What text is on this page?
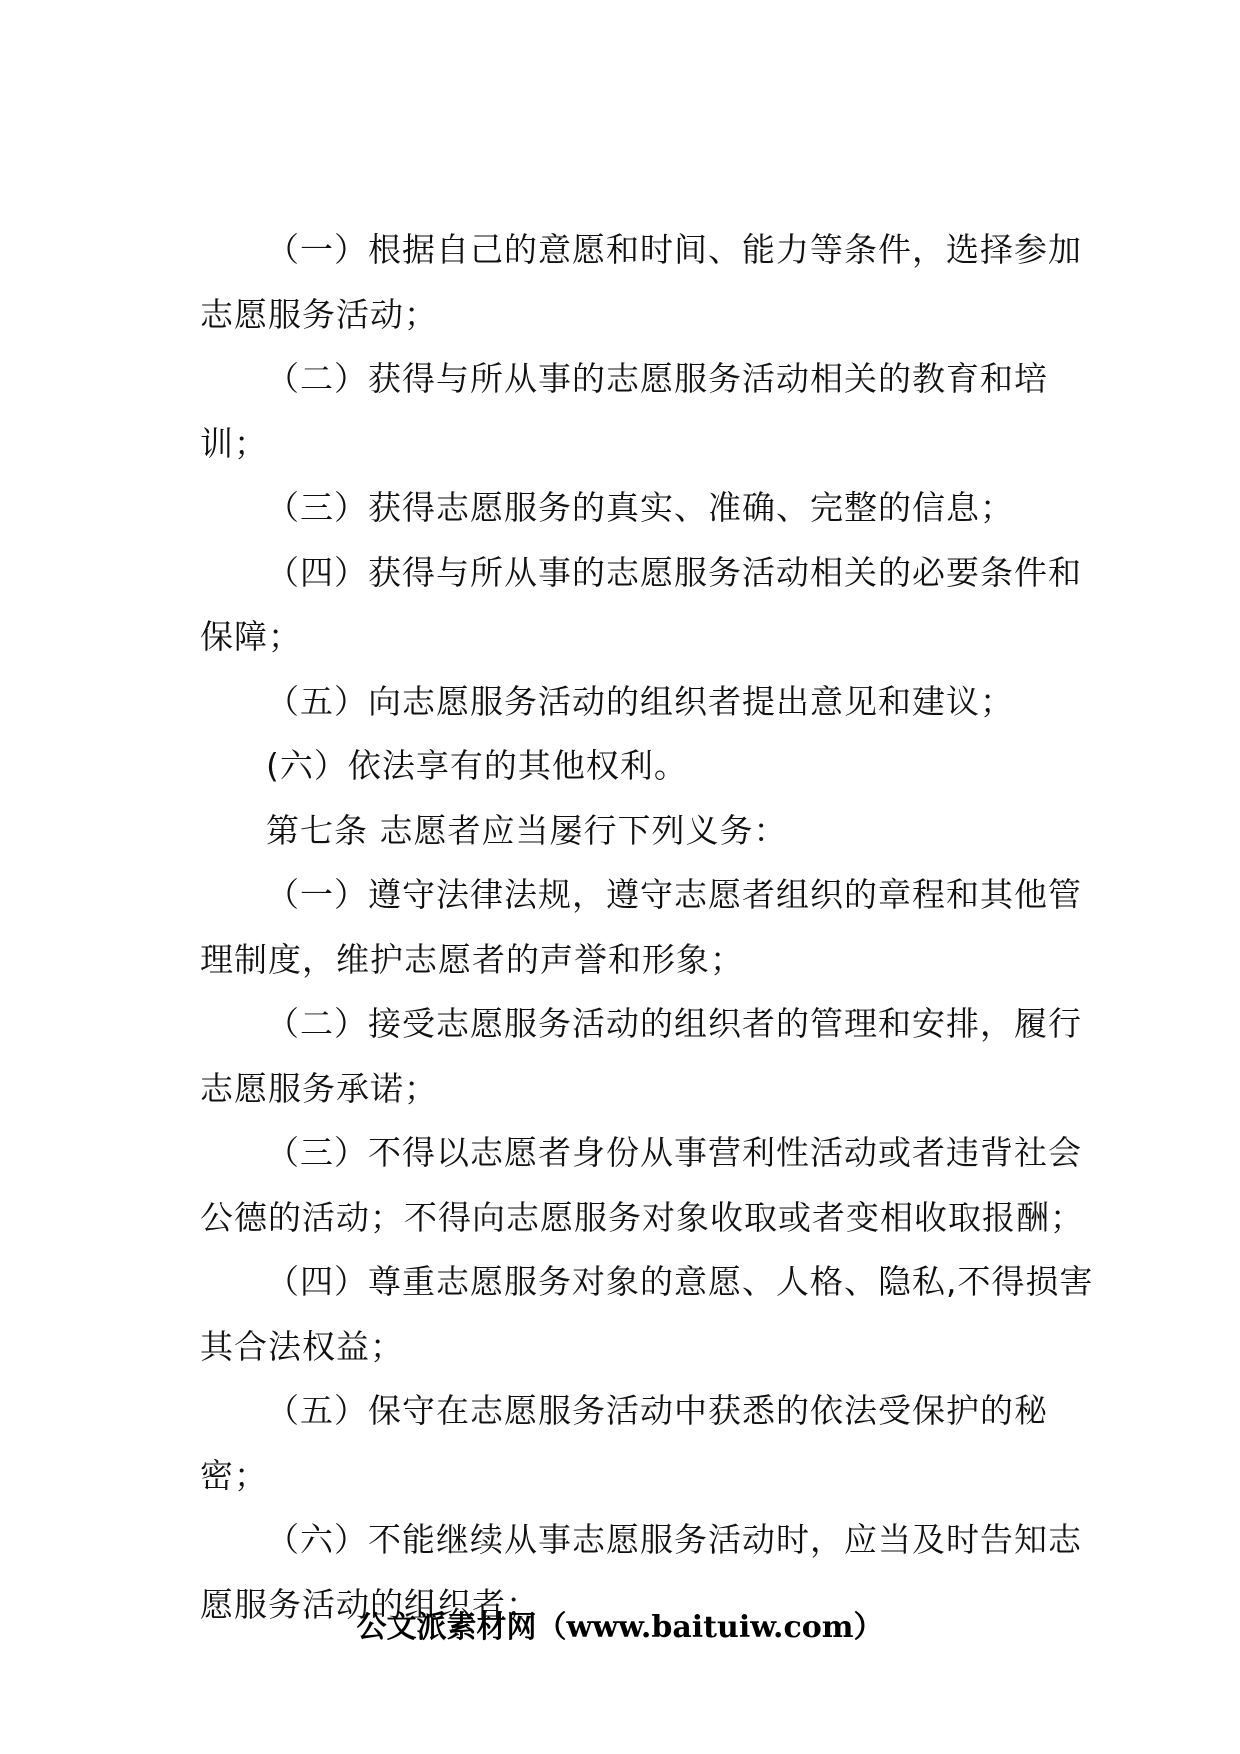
（一）根据自己的意愿和时间、能力等条件，选择参加志愿服务活动；

（二）获得与所从事的志愿服务活动相关的教育和培训；

（三）获得志愿服务的真实、准确、完整的信息；

（四）获得与所从事的志愿服务活动相关的必要条件和保障；

（五）向志愿服务活动的组织者提出意见和建议；

(六）依法享有的其他权利。

第七条 志愿者应当屡行下列义务：

（一）遵守法律法规，遵守志愿者组织的章程和其他管理制度，维护志愿者的声誉和形象；

（二）接受志愿服务活动的组织者的管理和安排，履行志愿服务承诺；

（三）不得以志愿者身份从事营利性活动或者违背社会公德的活动；不得向志愿服务对象收取或者变相收取报酬；

（四）尊重志愿服务对象的意愿、人格、隐私,不得损害其合法权益；

（五）保守在志愿服务活动中获悉的依法受保护的秘密；

（六）不能继续从事志愿服务活动时，应当及时告知志愿服务活动的组织者；

公文派素材网（www.baituiw.com）
